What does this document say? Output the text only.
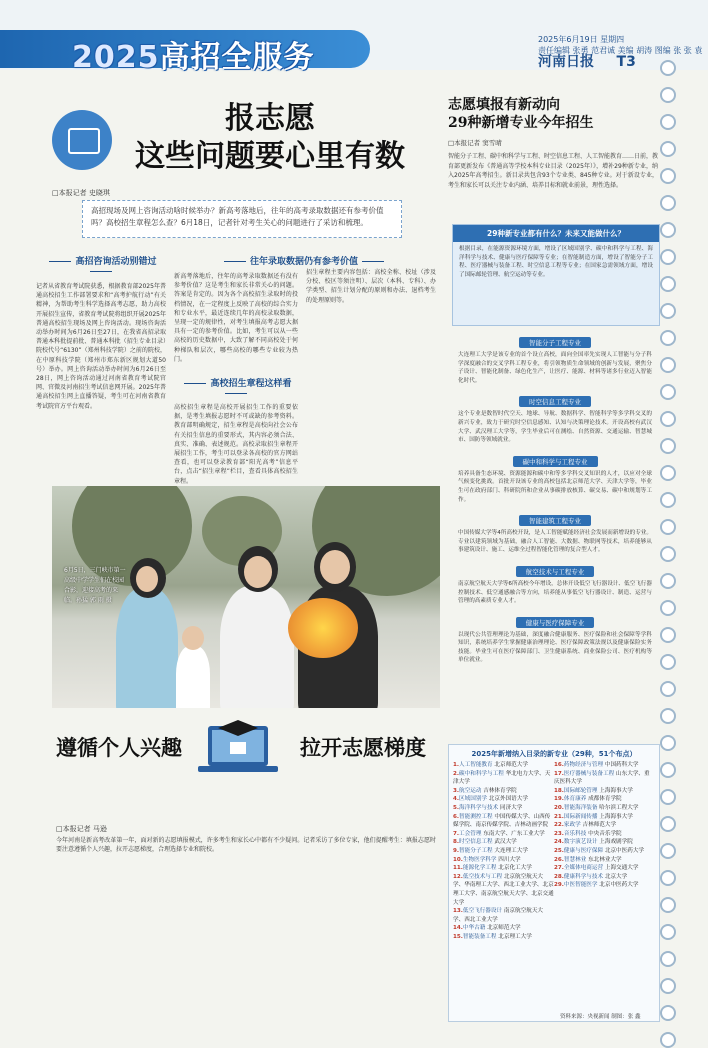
2025高招全服务
2025年6月19日 星期四
责任编辑 张勇 范君诚 美编 胡涛 图编 张 张 袁
河南日报 T3
报志愿
这些问题要心里有数
□本报记者 史晓琪
高招现场及网上咨询活动啥时候举办？新高考落地后，往年的高考录取数据还有参考价值吗？高校招生章程怎么查？6月18日，记者针对考生关心的问题进行了采访和梳理。
高招咨询活动别错过
记者从省教育考试院获悉，根据教育部2025年普通高校招生工作部署要求和“高考护航行动”有关精神，为帮助考生科学选择高考志愿，助力高校开展招生宣传，省教育考试院将组织开展2025年普通高校招生现场及网上咨询活动。现场咨询活动举办时间为6月26日至27日，在我省高招录取普通本科批提前批、普通本科批（招生专业目录）院校代号“6130”（郑州科技学院）之前的院校，在中原科技学院（郑州市郑东新区规划大道50号）举办。网上咨询活动举办时间为6月26日至28日，网上咨询活动通过河南省教育考试院官网、官微及河南招生考试信息网开展。2025年普通高校招生网上直播答疑，考生可在河南省教育考试院官方平台观看。
往年录取数据仍有参考价值
新高考落地后，往年的高考录取数据还有没有参考价值？这是考生和家长非常关心的问题。答案是肯定的。因为各个高校招生录取时的投档情况，在一定程度上反映了高校的综合实力和专业水平，最近连续几年的高校录取数据，呈现一定的规律性，对考生填报高考志愿大据具有一定的参考价值。比如，考生可以从一些高校的历史数据中，大致了解不同高校处于何种梯队和层次，哪些高校的哪些专业较为热门。
高校招生章程这样看
高校招生章程是高校开展招生工作的重要依据，是考生填报志愿时不可或缺的参考资料。教育部明确规定，招生章程是高校向社会公布有关招生信息的重要形式，其内容必须合法、真实、准确、表述规范。高校录取招生章程开展招生工作，考生可以登录各高校的官方网站查看，也可以登录教育部“阳光高考”信息平台，点击“招生章程”栏目，查看具体高校招生章程。
招生章程主要内容包括：高校全称、校址（涉及分校、校区等须注明）、层次（本科、专科）、办学类型、招生计划分配的原则和办法、退档考生的处理原则等。
6月5日，三门峡市第一高级中学学生们在校园合影，迎接高考的来临。孙猛 郭 雨 摄
遵循个人兴趣	拉开志愿梯度
□本报记者 马逊
今年河南是新高考改革第一年，面对新的志愿填报模式，许多考生和家长心中都有不少疑问。记者采访了多位专家，他们提醒考生：填报志愿时要注意遵循个人兴趣，拉开志愿梯度，合理选择专业和院校。
志愿填报有新动向
29种新增专业今年招生
□本报记者 窦雪晴
智能分子工程、碳中和科学与工程、时空信息工程、人工智能教育……日前，教育部更新发布《普通高等学校本科专业目录（2025年）》，增补29种新专业，纳入2025年高考招生。新目录共包含93个专业类、845种专业。对于新设专业，考生和家长可以关注专业内涵、培养目标和就业前景，理性选择。
29种新专业都有什么？未来又能做什么？
根据目录，在能源资源环境方面，增设了区域国别学、碳中和科学与工程、海洋科学与技术、健康与医疗保障等专业；在智能制造方面，增设了智能分子工程、医疗器械与装备工程、时空信息工程等专业；在国家急需领域方面，增设了国际邮轮管理、航空运动等专业。
智能分子工程专业
大连理工大学是该专业的首个设立高校，面向全国率先实现人工智能与分子科学深度融合的交叉学科工程专业，将引领物质生命领域的创新与发展，聚焦分子设计、智能化制备、绿色化生产，让医疗、能源、材料等诸多行业迈入智能化时代。
时空信息工程专业
这个专业是数智时代空天、地球、导航、数据科学、智能科学等多学科交叉的新兴专业，致力于研究时空信息感知、认知与决策理论技术。开设高校有武汉大学、武汉理工大学等，学生毕业后可在测绘、自然资源、交通运输、智慧城市、国防等领域就业。
碳中和科学与工程专业
培养具备生态环境、资源能源和碳中和等多学科交叉知识的人才，以应对全球气候变化挑战。首批开设该专业的高校包括北京师范大学、天津大学等，毕业生可在政府部门、科研院所和企业从事碳排放核算、碳交易、碳中和规划等工作。
智能建筑工程专业
中国传媒大学等4所高校开设，是人工智能赋能经济社会发展而新增设的专业。专业以建筑领域为基础，融合人工智能、大数据、物联网等技术，培养能够从事建筑设计、施工、运维全过程智能化管理的复合型人才。
航空技术与工程专业
南京航空航天大学等6所高校今年增设，总体开设低空飞行器设计、低空飞行器控制技术、低空通感融合等方向，培养能从事低空飞行器设计、制造、运营与管理的高素质专业人才。
健康与医疗保障专业
以现代公共管理理论为基础，深度融合健康服务、医疗保险和社会保障等学科知识，系统培养学生掌握健康治理理论、医疗保障政策法规以及健康保险实务技能。毕业生可在医疗保障部门、卫生健康系统、商业保险公司、医疗机构等单位就业。
2025年新增纳入目录的新专业（29种，51个布点）
1.人工智能教育 北京师范大学
2.碳中和科学与工程 华北电力大学、天津大学
3.航空运动 吉林体育学院
4.区域国别学 北京外国语大学
5.海洋科学与技术 同济大学
6.智能测控工程 中国传媒大学、山西传媒学院、南京传媒学院、吉林动画学院
7.工会管理 东南大学、广东工业大学
8.时空信息工程 武汉大学
9.智能分子工程 大连理工大学
10.生物医学科学 四川大学
11.能源化学工程 北京化工大学
12.低空技术与工程 北京航空航天大学、华南理工大学、西北工业大学、北京理工大学、南京航空航天大学、北京交通大学
13.低空飞行器设计 南京航空航天大学、西北工业大学
14.中华古籍 北京师范大学
15.智能装备工程 北京理工大学
16.药物经济与管理 中国药科大学
17.医疗器械与装备工程 山东大学、重庆医科大学
18.国际邮轮管理 上海海事大学
19.体育康养 成都体育学院
20.智能海洋装备 哈尔滨工程大学
21.国际新闻传播 上海海事大学
22.家政学 吉林师范大学
23.音乐科技 中央音乐学院
24.数字演艺设计 上海戏剧学院
25.健康与医疗保障 北京中医药大学
26.智慧林业 东北林业大学
27.全媒体电商运营 上海交通大学
28.健康科学与技术 北京大学
29.中医智能医学 北京中医药大学
资料来源：央视新闻 制图：张 鑫
